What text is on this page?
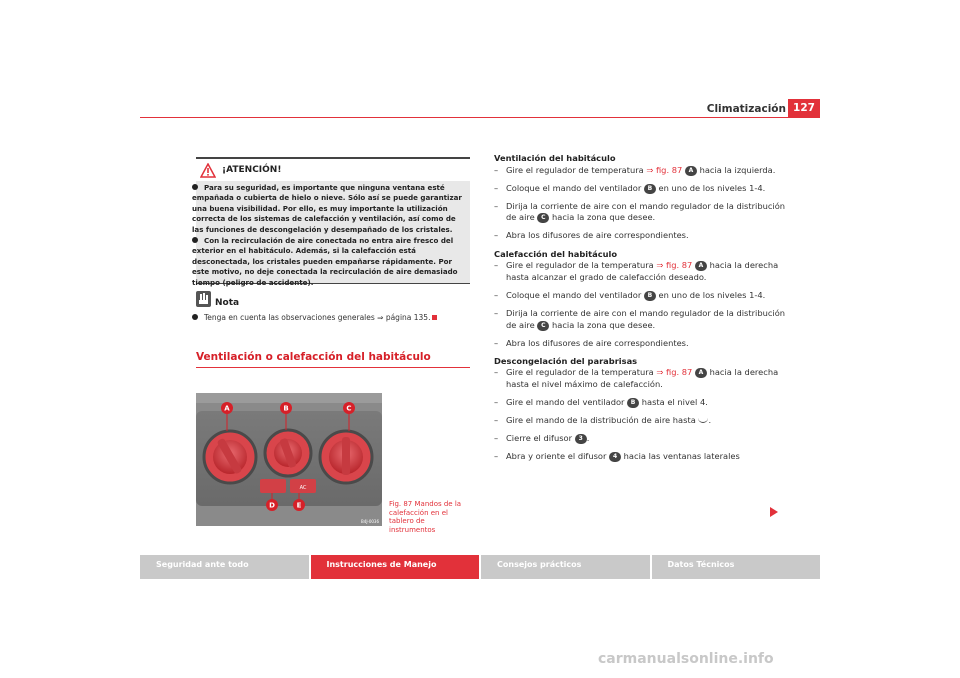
Climatización 127
¡ATENCIÓN!

Para su seguridad, es importante que ninguna ventana esté empañada o cubierta de hielo o nieve. Sólo así se puede garantizar una buena visibilidad. Por ello, es muy importante la utilización correcta de los sistemas de calefacción y ventilación, así como de las funciones de descongelación y desempañado de los cristales.

Con la recirculación de aire conectada no entra aire fresco del exterior en el habitáculo. Además, si la calefacción está desconectada, los cristales pueden empañarse rápidamente. Por este motivo, no deje conectada la recirculación de aire demasiado tiempo (peligro de accidente).

Nota
Tenga en cuenta las observaciones generales ⇒ página 135.
Ventilación o calefacción del habitáculo
AC
A	B	C
D	E
B4J-0036
Fig. 87 Mandos de la calefacción en el tablero de instrumentos
Ventilación del habitáculo
– Gire el regulador de temperatura ⇒ fig. 87 A hacia la izquierda.
– Coloque el mando del ventilador B en uno de los niveles 1-4.
– Dirija la corriente de aire con el mando regulador de la distribución de aire C hacia la zona que desee.
– Abra los difusores de aire correspondientes.
Calefacción del habitáculo
– Gire el regulador de la temperatura ⇒ fig. 87 A hacia la derecha hasta alcanzar el grado de calefacción deseado.
– Coloque el mando del ventilador B en uno de los niveles 1-4.
– Dirija la corriente de aire con el mando regulador de la distribución de aire C hacia la zona que desee.
– Abra los difusores de aire correspondientes.
Descongelación del parabrisas
– Gire el regulador de la temperatura ⇒ fig. 87 A hacia la derecha hasta el nivel máximo de calefacción.
– Gire el mando del ventilador B hasta el nivel 4.
– Gire el mando de la distribución de aire hasta .
– Cierre el difusor 3 .
– Abra y oriente el difusor 4 hacia las ventanas laterales
Seguridad ante todo	Instrucciones de Manejo	Consejos prácticos	Datos Técnicos
carmanualsonline.info
